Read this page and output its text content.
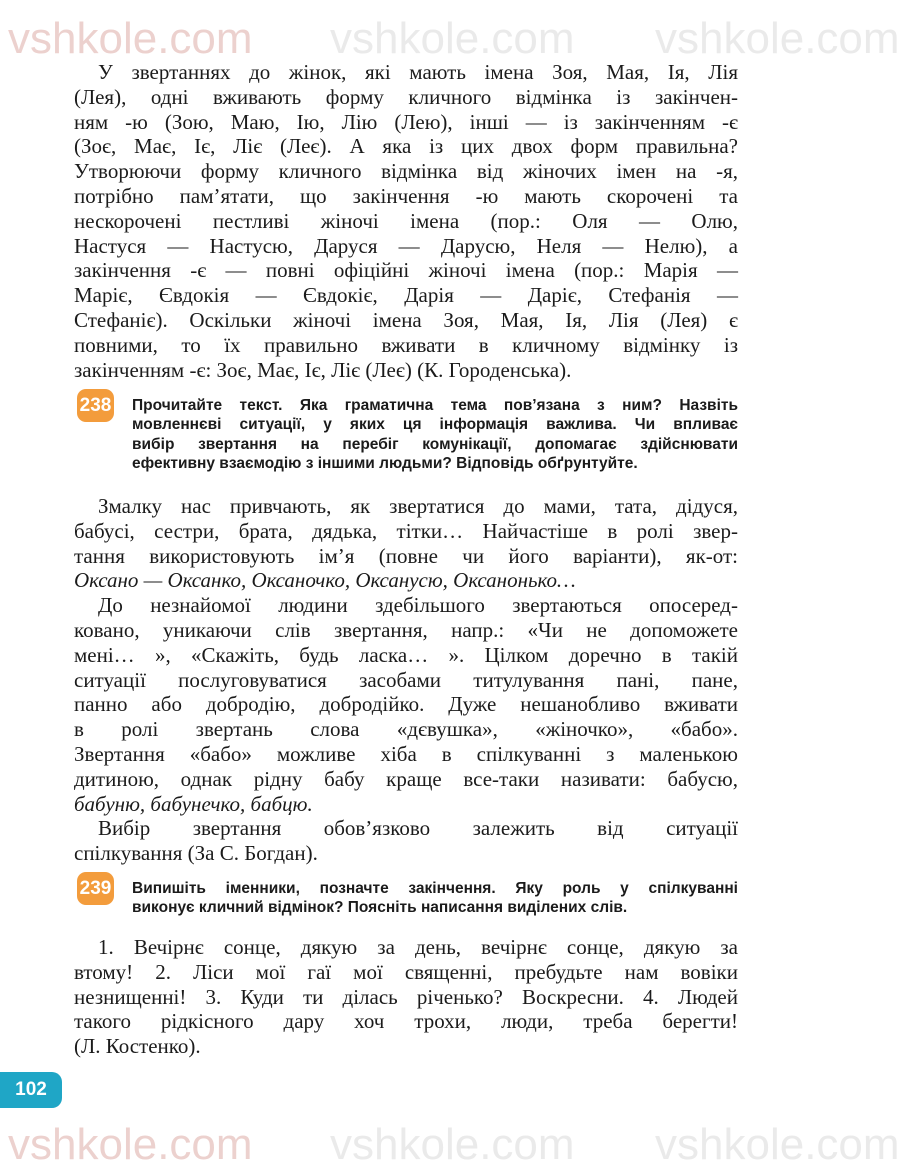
vshkole.com vshkole.com vshkole.com
vshkole.com vshkole.com vshkole.com

У звертаннях до жінок, які мають імена Зоя, Мая, Ія, Лія

(Лея), одні вживають форму кличного відмінка із закінчен-

ням -ю (Зою, Маю, Ію, Лію (Лею), інші — із закінченням -є

(Зоє, Має, Іє, Ліє (Леє). А яка із цих двох форм правильна?

Утворюючи форму кличного відмінка від жіночих імен на -я,

потрібно пам’ятати, що закінчення -ю мають скорочені та

нескорочені пестливі жіночі імена (пор.: Оля — Олю,

Настуся — Настусю, Даруся — Дарусю, Неля — Нелю), а

закінчення -є — повні офіційні жіночі імена (пор.: Марія —

Маріє, Євдокія — Євдокіє, Дарія — Даріє, Стефанія —

Стефаніє). Оскільки жіночі імена Зоя, Мая, Ія, Лія (Лея) є

повними, то їх правильно вживати в кличному відмінку із

закінченням -є: Зоє, Має, Іє, Ліє (Леє) (К. Городенська).

238 Прочитайте текст. Яка граматична тема пов’язана з ним? Назвіть

мовленнєві ситуації, у яких ця інформація важлива. Чи впливає

вибір звертання на перебіг комунікації, допомагає здійснювати

ефективну взаємодію з іншими людьми? Відповідь обґрунтуйте.

Змалку нас привчають, як звертатися до мами, тата, дідуся,

бабусі, сестри, брата, дядька, тітки… Найчастіше в ролі звер-

тання використовують ім’я (повне чи його варіанти), як-от:

Оксано — Оксанко, Оксаночко, Оксанусю, Оксанонько…

До незнайомої людини здебільшого звертаються опосеред-

ковано, уникаючи слів звертання, напр.: «Чи не допоможете

мені… », «Скажіть, будь ласка… ». Цілком доречно в такій

ситуації послуговуватися засобами титулування пані, пане,

панно або добродію, добродійко. Дуже нешанобливо вживати

в ролі звертань слова «дєвушка», «жіночко», «бабо».

Звертання «бабо» можливе хіба в спілкуванні з маленькою

дитиною, однак рідну бабу краще все-таки називати: бабусю,

бабуню, бабунечко, бабцю.

Вибір звертання обов’язково залежить від ситуації

спілкування (За С. Богдан).

239 Випишіть іменники, позначте закінчення. Яку роль у спілкуванні

виконує кличний відмінок? Поясніть написання виділених слів.

1. Вечірнє сонце, дякую за день, вечірнє сонце, дякую за

втому! 2. Ліси мої гаї мої священні, пребудьте нам вовіки

незнищенні! 3. Куди ти ділась річенько? Воскресни. 4. Людей

такого рідкісного дару хоч трохи, люди, треба берегти!

(Л. Костенко).

102
